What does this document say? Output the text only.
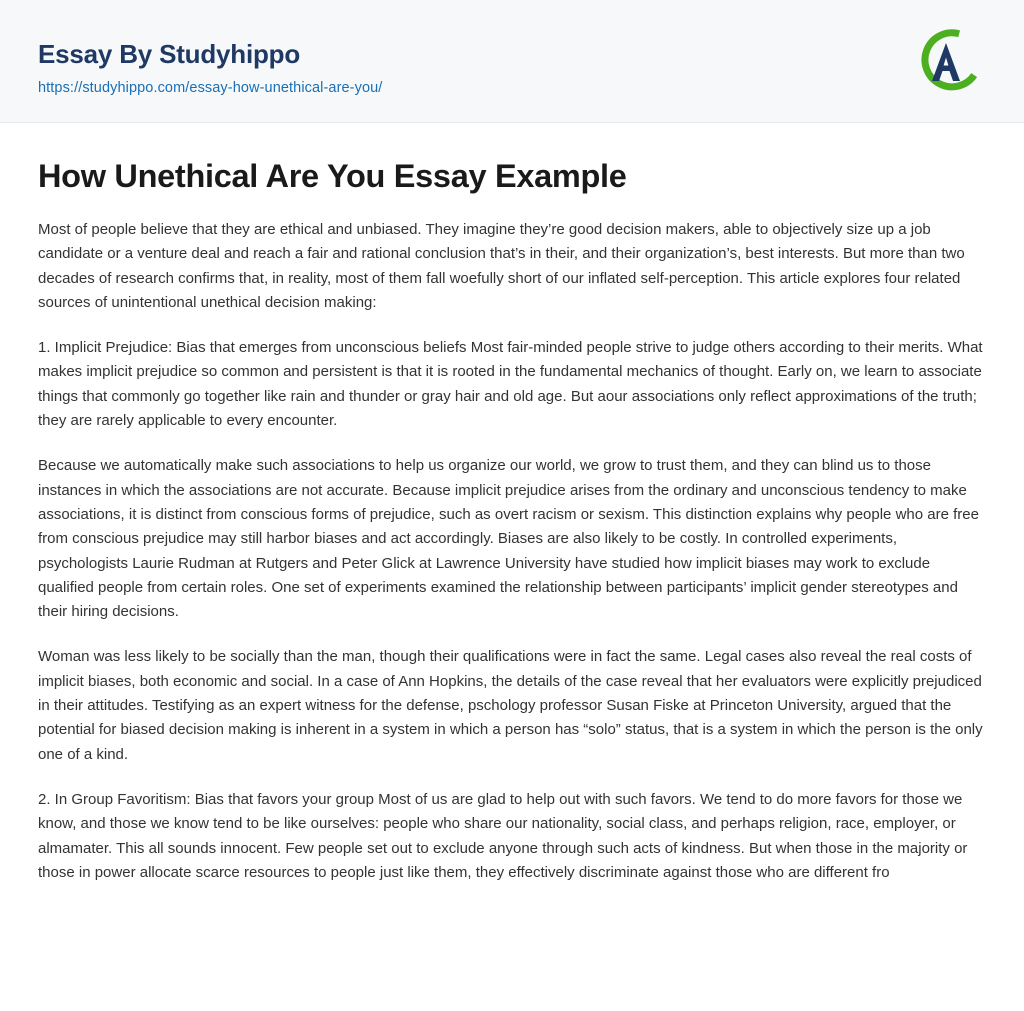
Essay By Studyhippo
https://studyhippo.com/essay-how-unethical-are-you/
How Unethical Are You Essay Example

Most of people believe that they are ethical and unbiased. They imagine they’re good decision makers, able to objectively size up a job candidate or a venture deal and reach a fair and rational conclusion that’s in their, and their organization’s, best interests. But more than two decades of research confirms that, in reality, most of them fall woefully short of our inflated self-perception. This article explores four related sources of unintentional unethical decision making:

1. Implicit Prejudice: Bias that emerges from unconscious beliefs Most fair-minded people strive to judge others according to their merits. What makes implicit prejudice so common and persistent is that it is rooted in the fundamental mechanics of thought. Early on, we learn to associate things that commonly go together like rain and thunder or gray hair and old age. But aour associations only reflect approximations of the truth; they are rarely applicable to every encounter.

Because we automatically make such associations to help us organize our world, we grow to trust them, and they can blind us to those instances in which the associations are not accurate. Because implicit prejudice arises from the ordinary and unconscious tendency to make associations, it is distinct from conscious forms of prejudice, such as overt racism or sexism. This distinction explains why people who are free from conscious prejudice may still harbor biases and act accordingly. Biases are also likely to be costly. In controlled experiments, psychologists Laurie Rudman at Rutgers and Peter Glick at Lawrence University have studied how implicit biases may work to exclude qualified people from certain roles. One set of experiments examined the relationship between participants’ implicit gender stereotypes and their hiring decisions.

Woman was less likely to be socially than the man, though their qualifications were in fact the same. Legal cases also reveal the real costs of implicit biases, both economic and social. In a case of Ann Hopkins, the details of the case reveal that her evaluators were explicitly prejudiced in their attitudes. Testifying as an expert witness for the defense, pschology professor Susan Fiske at Princeton University, argued that the potential for biased decision making is inherent in a system in which a person has “solo” status, that is a system in which the person is the only one of a kind.

2. In Group Favoritism: Bias that favors your group Most of us are glad to help out with such favors. We tend to do more favors for those we know, and those we know tend to be like ourselves: people who share our nationality, social class, and perhaps religion, race, employer, or almamater. This all sounds innocent. Few people set out to exclude anyone through such acts of kindness. But when those in the majority or those in power allocate scarce resources to people just like them, they effectively discriminate against those who are different fro
